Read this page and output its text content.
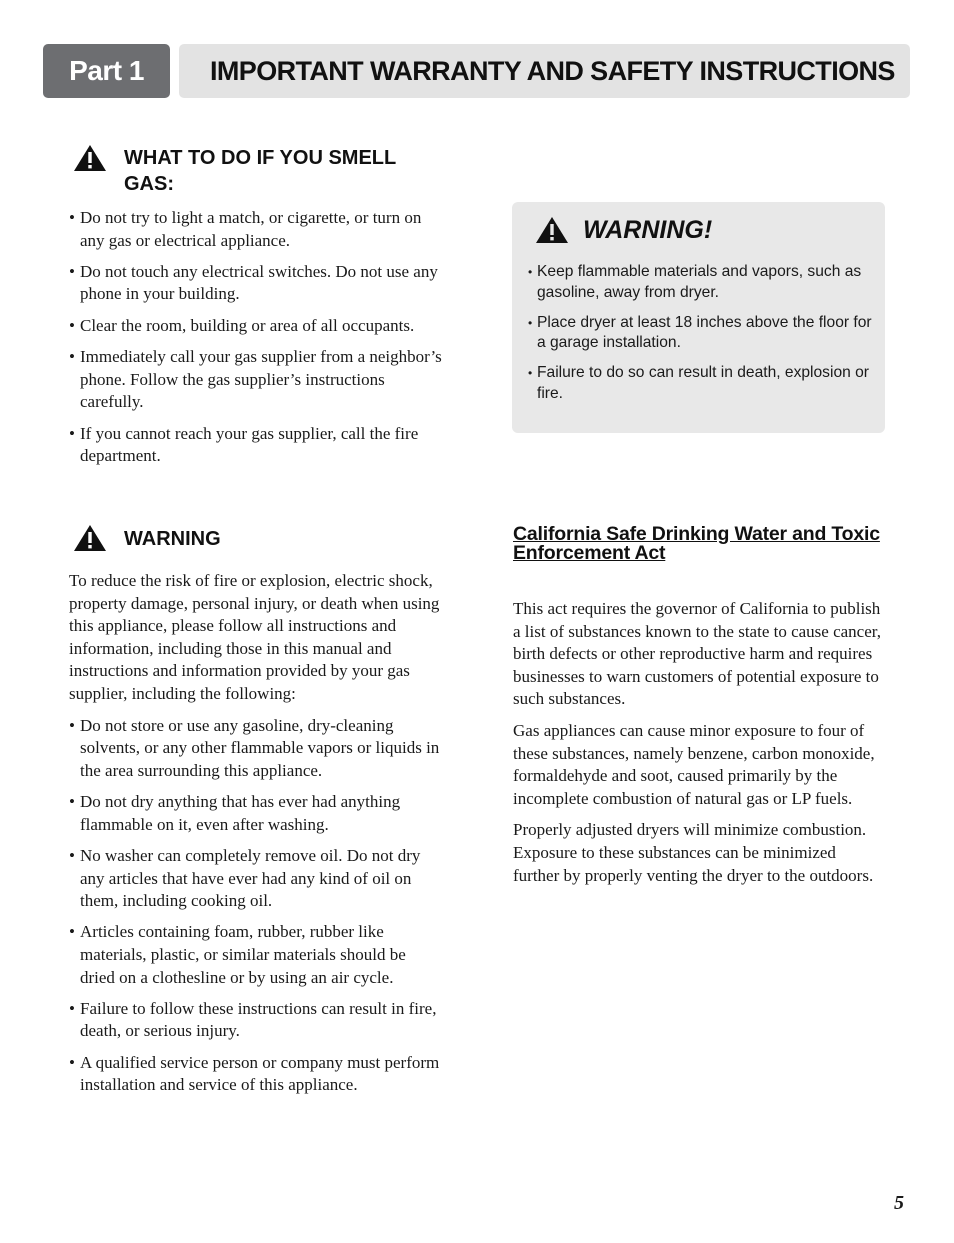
Part 1	IMPORTANT WARRANTY AND SAFETY INSTRUCTIONS
WHAT TO DO IF YOU SMELL GAS:
• Do not try to light a match, or cigarette, or turn on any gas or electrical appliance.
• Do not touch any electrical switches. Do not use any phone in your building.
• Clear the room, building or area of all occupants.
• Immediately call your gas supplier from a neighbor’s phone. Follow the gas supplier’s instructions carefully.
• If you cannot reach your gas supplier, call the fire department.
WARNING

To reduce the risk of fire or explosion, electric shock, property damage, personal injury, or death when using this appliance, please follow all instructions and information, including those in this manual and instructions and information provided by your gas supplier, including the following:

• Do not store or use any gasoline, dry-cleaning solvents, or any other flammable vapors or liquids in the area surrounding this appliance.
• Do not dry anything that has ever had anything flammable on it, even after washing.
• No washer can completely remove oil. Do not dry any articles that have ever had any kind of oil on them, including cooking oil.
• Articles containing foam, rubber, rubber like materials, plastic, or similar materials should be dried on a clothesline or by using an air cycle.
• Failure to follow these instructions can result in fire, death, or serious injury.
• A qualified service person or company must perform installation and service of this appliance.
WARNING!
• Keep flammable materials and vapors, such as gasoline, away from dryer.
• Place dryer at least 18 inches above the floor for a garage installation.
• Failure to do so can result in death, explosion or fire.
California Safe Drinking Water and Toxic Enforcement Act

This act requires the governor of California to publish a list of substances known to the state to cause cancer, birth defects or other reproductive harm and requires businesses to warn customers of potential exposure to such substances.

Gas appliances can cause minor exposure to four of these substances, namely benzene, carbon monoxide, formaldehyde and soot, caused primarily by the incomplete combustion of natural gas or LP fuels.

Properly adjusted dryers will minimize combustion. Exposure to these substances can be minimized further by properly venting the dryer to the outdoors.

5
